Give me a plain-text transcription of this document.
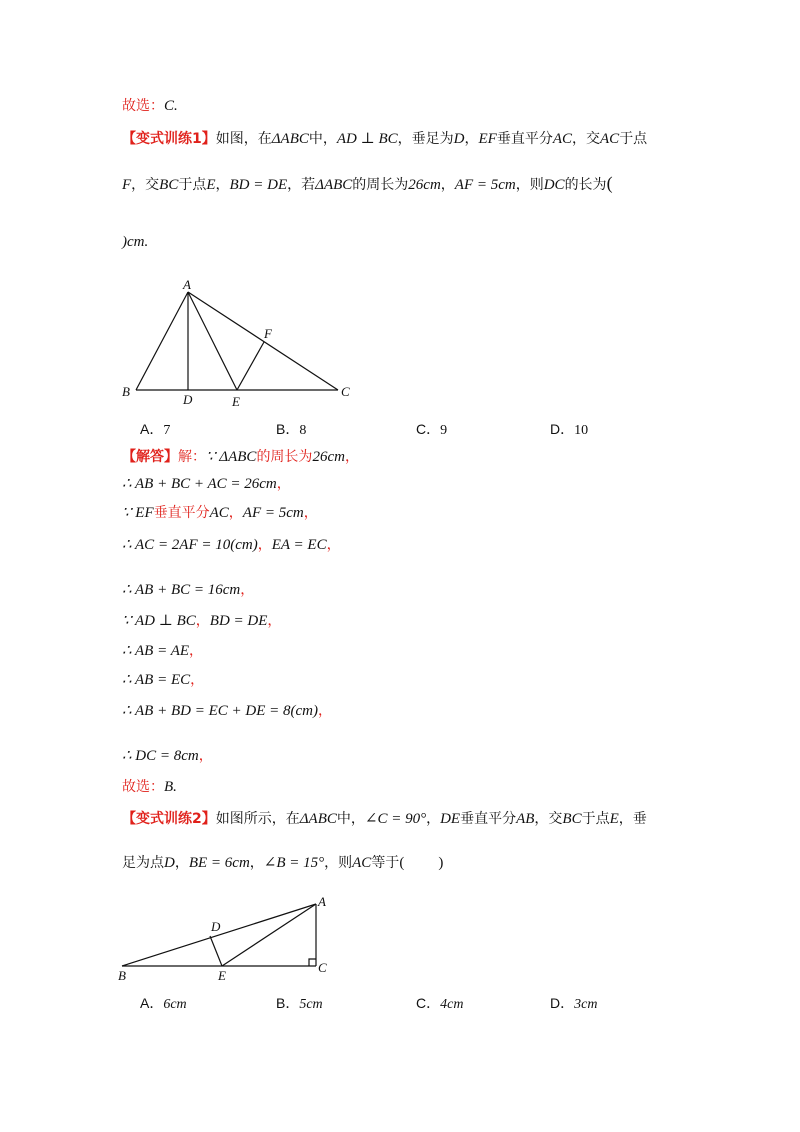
故选：C.
【变式训练1】如图，在ΔABC中，AD ⊥ BC，垂足为D，EF垂直平分AC，交AC于点
F，交BC于点E，BD = DE，若ΔABC的周长为26cm，AF = 5cm，则DC的长为(
)cm.
A
B	C
D	E
F
A．7	B．8	C．9	D．10
【解答】解：∵ ΔABC的周长为26cm，
∴ AB + BC + AC = 26cm，
∵ EF垂直平分AC，AF = 5cm，
∴ AC = 2AF = 10(cm)，EA = EC，
∴ AB + BC = 16cm，
∵ AD ⊥ BC，BD = DE，
∴ AB = AE，
∴ AB = EC，
∴ AB + BD = EC + DE = 8(cm)，
∴ DC = 8cm，
故选：B.
【变式训练2】如图所示，在ΔABC中，∠C = 90°，DE垂直平分AB，交BC于点E，垂
足为点D，BE = 6cm，∠B = 15°，则AC等于( )
A
B
C
D
E
A．6cm	B．5cm	C．4cm	D．3cm
